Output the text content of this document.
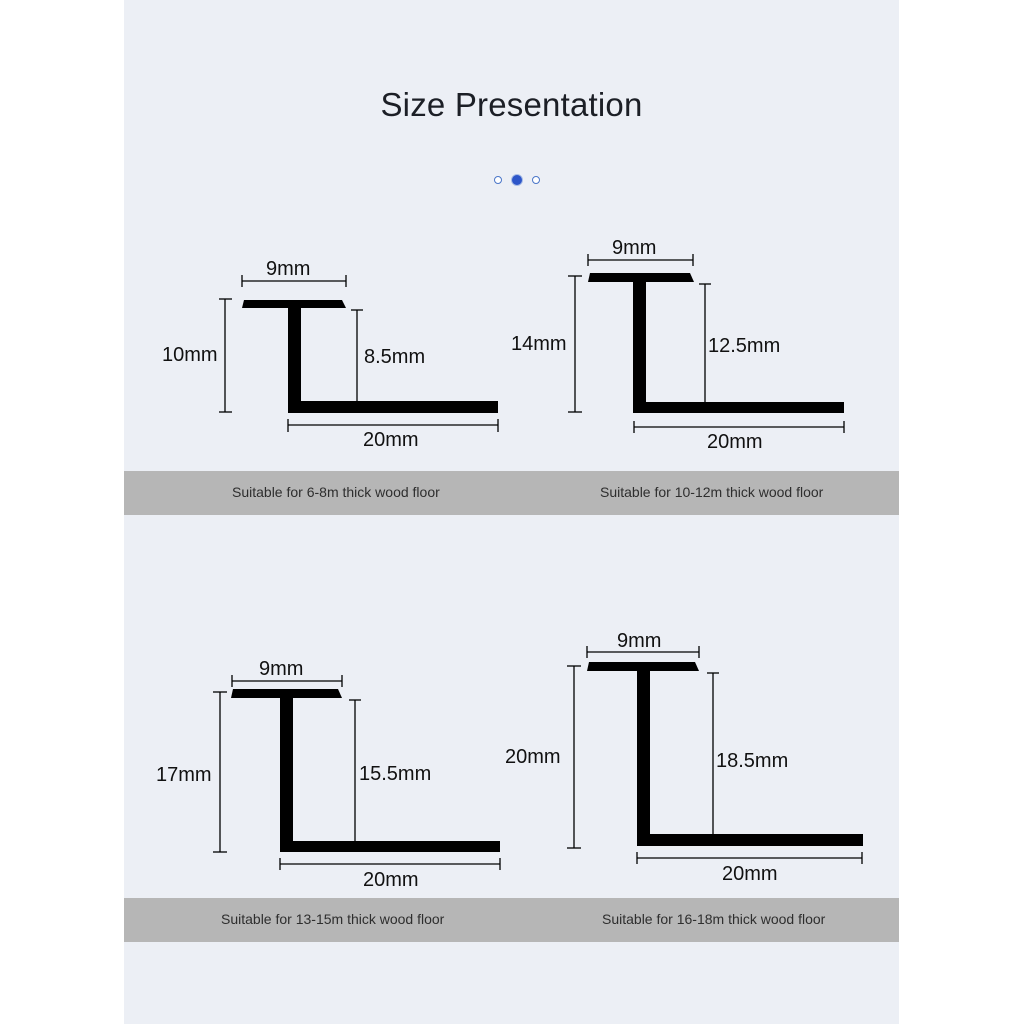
Size Presentation
Suitable for 6-8m thick wood floor	Suitable for 10-12m thick wood floor
Suitable for 13-15m thick wood floor	Suitable for 16-18m thick wood floor
9mm
10mm	8.5mm
20mm
9mm
14mm	12.5mm
20mm
9mm
17mm	15.5mm
20mm
9mm
20mm	18.5mm
20mm
